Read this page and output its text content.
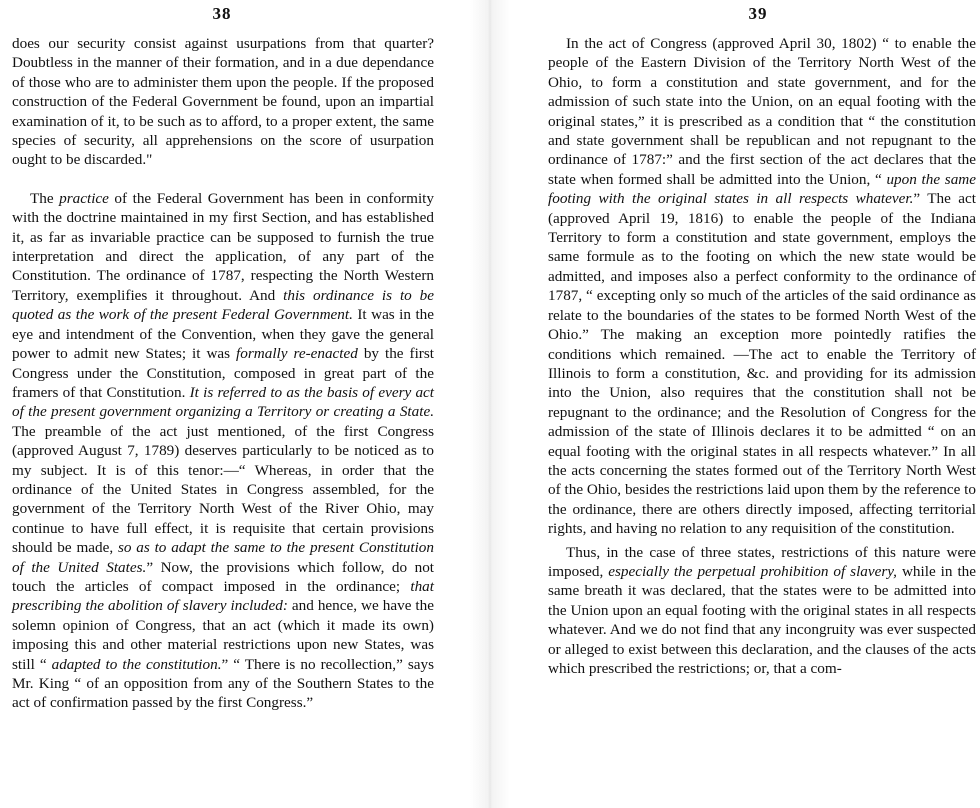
38

does our security consist against usurpations from that quarter? Doubtless in the manner of their formation, and in a due dependance of those who are to administer them upon the people. If the proposed construction of the Federal Government be found, upon an impartial examination of it, to be such as to afford, to a proper extent, the same species of security, all apprehensions on the score of usurpation ought to be discarded."

The practice of the Federal Government has been in conformity with the doctrine maintained in my first Section, and has established it, as far as invariable practice can be supposed to furnish the true interpretation and direct the application, of any part of the Constitution. The ordinance of 1787, respecting the North Western Territory, exemplifies it throughout. And this ordinance is to be quoted as the work of the present Federal Government. It was in the eye and intendment of the Convention, when they gave the general power to admit new States; it was formally re-enacted by the first Congress under the Constitution, composed in great part of the framers of that Constitution. It is referred to as the basis of every act of the present government organizing a Territory or creating a State. The preamble of the act just mentioned, of the first Congress (approved August 7, 1789) deserves particularly to be noticed as to my subject. It is of this tenor:—“ Whereas, in order that the ordinance of the United States in Congress assembled, for the government of the Territory North West of the River Ohio, may continue to have full effect, it is requisite that certain provisions should be made, so as to adapt the same to the present Constitution of the United States.” Now, the provisions which follow, do not touch the articles of compact imposed in the ordinance; that prescribing the abolition of slavery included: and hence, we have the solemn opinion of Congress, that an act (which it made its own) imposing this and other material restrictions upon new States, was still “ adapted to the constitution.” “ There is no recollection,” says Mr. King “ of an opposition from any of the Southern States to the act of confirmation passed by the first Congress.”

39

In the act of Congress (approved April 30, 1802) “ to enable the people of the Eastern Division of the Territory North West of the Ohio, to form a constitution and state government, and for the admission of such state into the Union, on an equal footing with the original states,” it is prescribed as a condition that “ the constitution and state government shall be republican and not repugnant to the ordinance of 1787:” and the first section of the act declares that the state when formed shall be admitted into the Union, “ upon the same footing with the original states in all respects whatever.” The act (approved April 19, 1816) to enable the people of the Indiana Territory to form a constitution and state government, employs the same formule as to the footing on which the new state would be admitted, and imposes also a perfect conformity to the ordinance of 1787, “ excepting only so much of the articles of the said ordinance as relate to the boundaries of the states to be formed North West of the Ohio.” The making an exception more pointedly ratifies the conditions which remained. —The act to enable the Territory of Illinois to form a constitution, &c. and providing for its admission into the Union, also requires that the constitution shall not be repugnant to the ordinance; and the Resolution of Congress for the admission of the state of Illinois declares it to be admitted “ on an equal footing with the original states in all respects whatever.” In all the acts concerning the states formed out of the Territory North West of the Ohio, besides the restrictions laid upon them by the reference to the ordinance, there are others directly imposed, affecting territorial rights, and having no relation to any requisition of the constitution.

Thus, in the case of three states, restrictions of this nature were imposed, especially the perpetual prohibition of slavery, while in the same breath it was declared, that the states were to be admitted into the Union upon an equal footing with the original states in all respects whatever. And we do not find that any incongruity was ever suspected or alleged to exist between this declaration, and the clauses of the acts which prescribed the restrictions; or, that a com-
